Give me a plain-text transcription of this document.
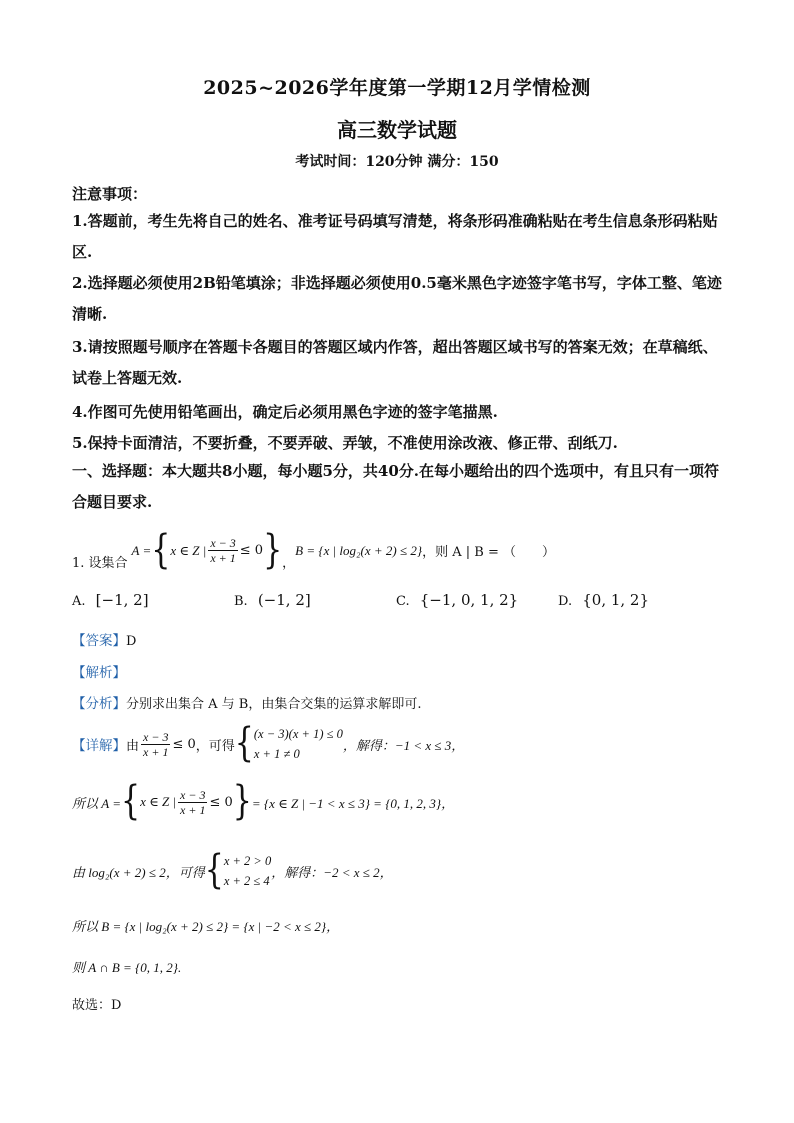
2025~2026学年度第一学期12月学情检测
高三数学试题
考试时间：120分钟 满分：150
注意事项：
1.答题前，考生先将自己的姓名、准考证号码填写清楚，将条形码准确粘贴在考生信息条形码粘贴区.
2.选择题必须使用2B铅笔填涂；非选择题必须使用0.5毫米黑色字迹签字笔书写，字体工整、笔迹清晰.
3.请按照题号顺序在答题卡各题目的答题区域内作答，超出答题区域书写的答案无效；在草稿纸、试卷上答题无效.
4.作图可先使用铅笔画出，确定后必须用黑色字迹的签字笔描黑.
5.保持卡面清洁，不要折叠，不要弄破、弄皱，不准使用涂改液、修正带、刮纸刀.
一、选择题：本大题共8小题，每小题5分，共40分.在每小题给出的四个选项中，有且只有一项符合题目要求.
1. 设集合
A = { x ∈ Z | $\frac{x - 3}{x + 1} \le 0$ } ，
B = {x | log₂(x + 2) ≤ 2} ，则 A | B = （　　）
A. [−1, 2]	B. (−1, 2]	C. {−1, 0, 1, 2}	D. {0, 1, 2}
【答案】D
【解析】
【分析】分别求出集合 A 与 B，由集合交集的运算求解即可.
【详解】 由 $\frac{x - 3}{x + 1} \le 0$ ，可得 { (x − 3)(x + 1) ≤ 0
x + 1 ≠ 0
，解得：−1 < x ≤ 3，
所以 A = { x ∈ Z | $\frac{x - 3}{x + 1} \le 0$ } = {x ∈ Z | −1 < x ≤ 3} = {0, 1, 2, 3}，
由 log₂(x + 2) ≤ 2，可得 { x + 2 > 0
x + 2 ≤ 4
，解得：−2 < x ≤ 2，
所以 B = {x | log₂(x + 2) ≤ 2} = {x | −2 < x ≤ 2}，
则 A ∩ B = {0, 1, 2}.
故选：D
